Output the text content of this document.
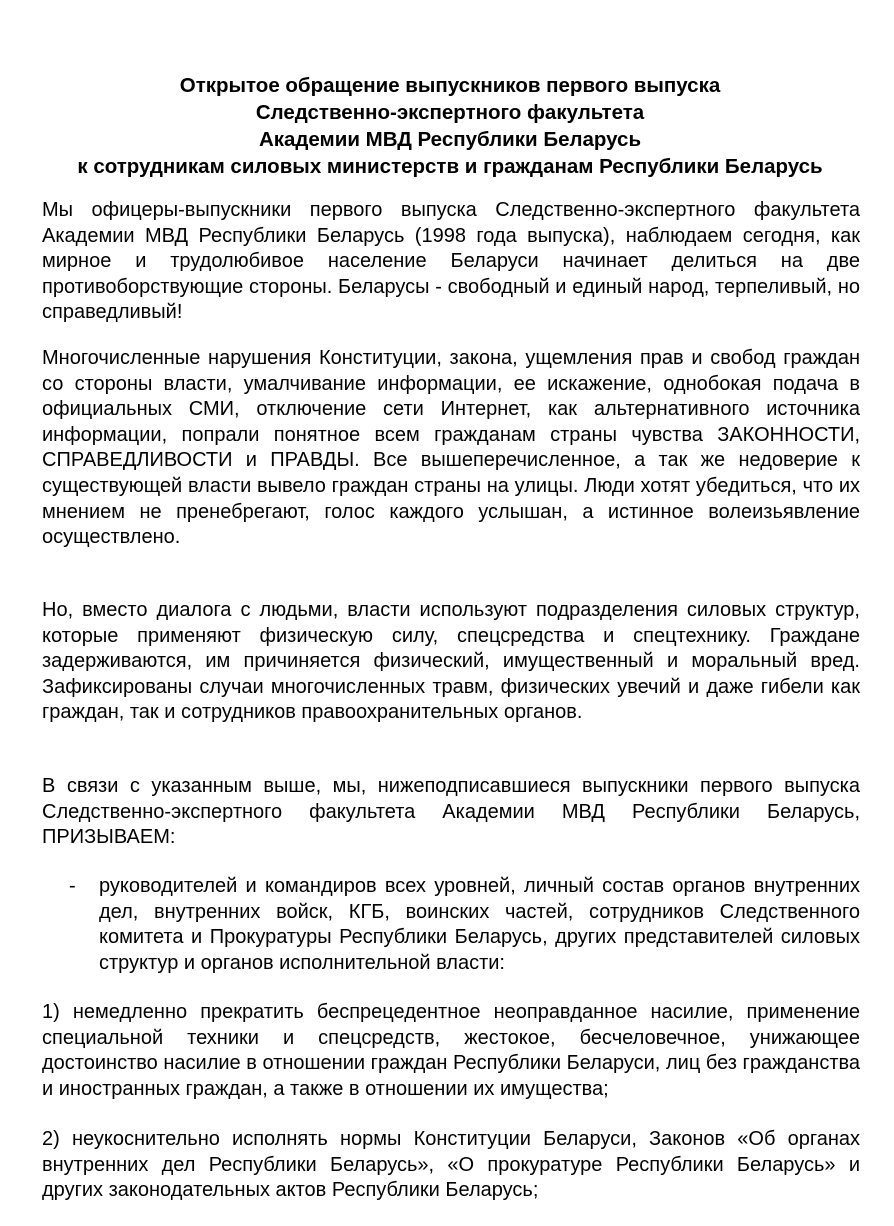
Открытое обращение выпускников первого выпуска
Следственно-экспертного факультета
Академии МВД Республики Беларусь
к сотрудникам силовых министерств и гражданам Республики Беларусь
Мы офицеры-выпускники первого выпуска Следственно-экспертного факультета Академии МВД Республики Беларусь (1998 года выпуска), наблюдаем сегодня, как мирное и трудолюбивое население Беларуси начинает делиться на две противоборствующие стороны. Беларусы - свободный и единый народ, терпеливый, но справедливый!
Многочисленные нарушения Конституции, закона, ущемления прав и свобод граждан со стороны власти, умалчивание информации, ее искажение, однобокая подача в официальных СМИ, отключение сети Интернет, как альтернативного источника информации, попрали понятное всем гражданам страны чувства ЗАКОННОСТИ, СПРАВЕДЛИВОСТИ и ПРАВДЫ. Все вышеперечисленное, а так же недоверие к существующей власти вывело граждан страны на улицы. Люди хотят убедиться, что их мнением не пренебрегают, голос каждого услышан, а истинное волеизьявление осуществлено.
Но, вместо диалога с людьми, власти используют подразделения силовых структур, которые применяют физическую силу, спецсредства и спецтехнику. Граждане задерживаются, им причиняется физический, имущественный и моральный вред. Зафиксированы случаи многочисленных травм, физических увечий и даже гибели как граждан, так и сотрудников правоохранительных органов.
В связи с указанным выше, мы, нижеподписавшиеся выпускники первого выпуска Следственно-экспертного факультета Академии МВД Республики Беларусь, ПРИЗЫВАЕМ:
- руководителей и командиров всех уровней, личный состав органов внутренних дел, внутренних войск, КГБ, воинских частей, сотрудников Следственного комитета и Прокуратуры Республики Беларусь, других представителей силовых структур и органов исполнительной власти:
1) немедленно прекратить беспрецедентное неоправданное насилие, применение специальной техники и спецсредств, жестокое, бесчеловечное, унижающее достоинство насилие в отношении граждан Республики Беларуси, лиц без гражданства и иностранных граждан, а также в отношении их имущества;
2) неукоснительно исполнять нормы Конституции Беларуси, Законов «Об органах внутренних дел Республики Беларусь», «О прокуратуре Республики Беларусь» и других законодательных актов Республики Беларусь;
